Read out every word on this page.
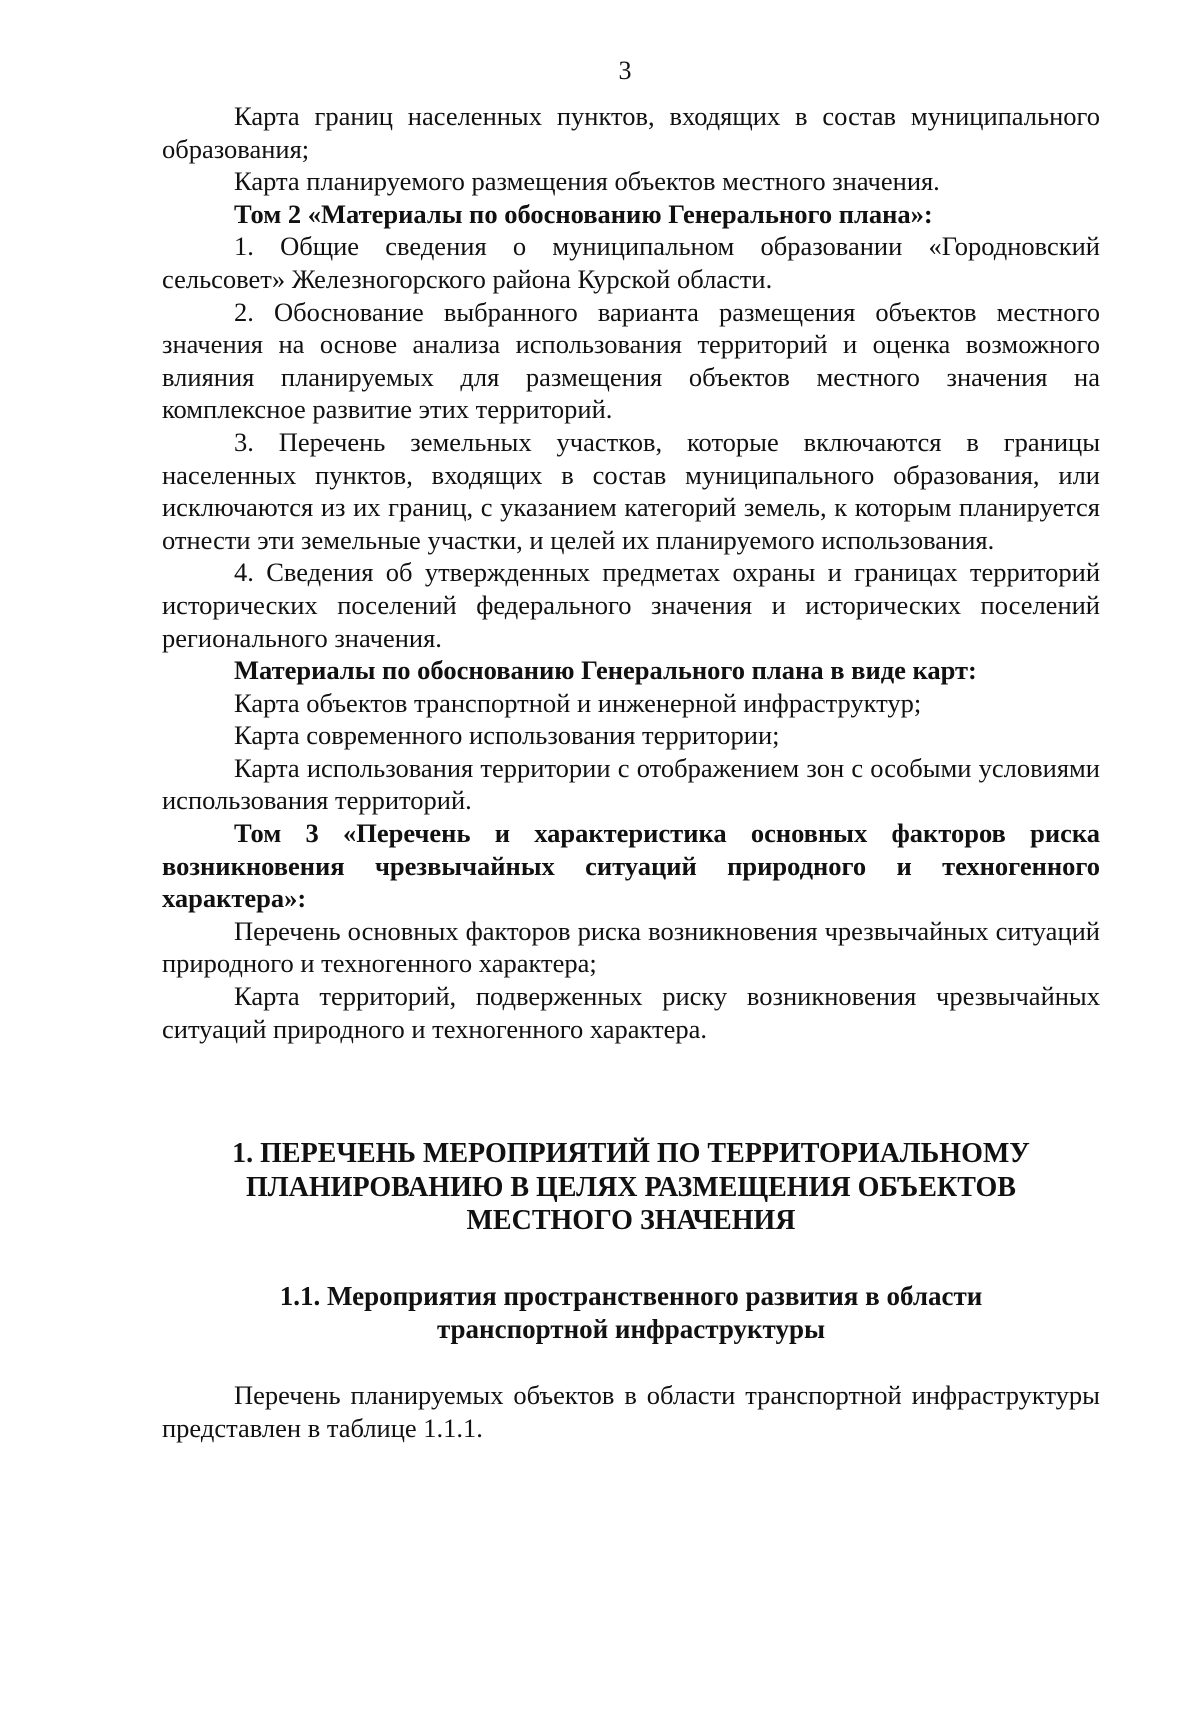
3

Карта границ населенных пунктов, входящих в состав муниципального образования;

Карта планируемого размещения объектов местного значения.

Том 2 «Материалы по обоснованию Генерального плана»:

1. Общие сведения о муниципальном образовании «Городновский сельсовет» Железногорского района Курской области.

2. Обоснование выбранного варианта размещения объектов местного значения на основе анализа использования территорий и оценка возможного влияния планируемых для размещения объектов местного значения на комплексное развитие этих территорий.

3. Перечень земельных участков, которые включаются в границы населенных пунктов, входящих в состав муниципального образования, или исключаются из их границ, с указанием категорий земель, к которым планируется отнести эти земельные участки, и целей их планируемого использования.

4. Сведения об утвержденных предметах охраны и границах территорий исторических поселений федерального значения и исторических поселений регионального значения.

Материалы по обоснованию Генерального плана в виде карт:

Карта объектов транспортной и инженерной инфраструктур;

Карта современного использования территории;

Карта использования территории с отображением зон с особыми условиями использования территорий.

Том 3 «Перечень и характеристика основных факторов риска возникновения чрезвычайных ситуаций природного и техногенного характера»:

Перечень основных факторов риска возникновения чрезвычайных ситуаций природного и техногенного характера;

Карта территорий, подверженных риску возникновения чрезвычайных ситуаций природного и техногенного характера.

1. ПЕРЕЧЕНЬ МЕРОПРИЯТИЙ ПО ТЕРРИТОРИАЛЬНОМУ
ПЛАНИРОВАНИЮ В ЦЕЛЯХ РАЗМЕЩЕНИЯ ОБЪЕКТОВ
МЕСТНОГО ЗНАЧЕНИЯ
1.1. Мероприятия пространственного развития в области
транспортной инфраструктуры

Перечень планируемых объектов в области транспортной инфраструктуры представлен в таблице 1.1.1.
